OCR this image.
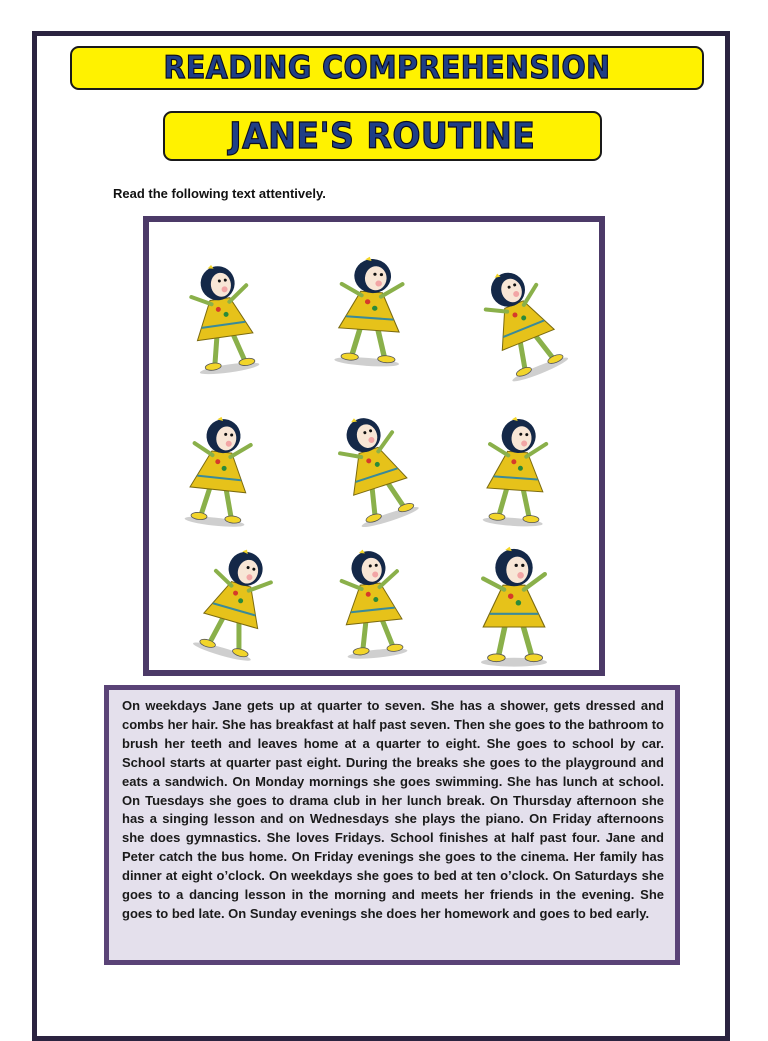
READING COMPREHENSION
JANE'S ROUTINE
Read the following text attentively.

On weekdays Jane gets up at quarter to seven. She has a shower, gets dressed and combs her hair. She has breakfast at half past seven. Then she goes to the bathroom to brush her teeth and leaves home at a quarter to eight. She goes to school by car. School starts at quarter past eight. During the breaks she goes to the playground and eats a sandwich. On Monday mornings she goes swimming. She has lunch at school. On Tuesdays she goes to drama club in her lunch break. On Thursday afternoon she has a singing lesson and on Wednesdays she plays the piano. On Friday afternoons she does gymnastics. She loves Fridays. School finishes at half past four. Jane and Peter catch the bus home. On Friday evenings she goes to the cinema. Her family has dinner at eight o’clock. On weekdays she goes to bed at ten o’clock. On Saturdays she goes to a dancing lesson in the morning and meets her friends in the evening. She goes to bed late. On Sunday evenings she does her homework and goes to bed early.
